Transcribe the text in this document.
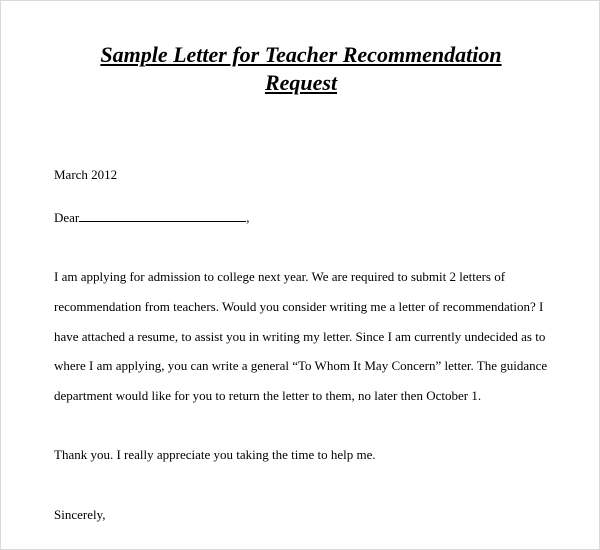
Sample Letter for Teacher Recommendation
Request
March 2012
Dear	,
I am applying for admission to college next year. We are required to submit 2 letters of
recommendation from teachers. Would you consider writing me a letter of recommendation? I
have attached a resume, to assist you in writing my letter. Since I am currently undecided as to
where I am applying, you can write a general “To Whom It May Concern” letter. The guidance
department would like for you to return the letter to them, no later then October 1.
Thank you. I really appreciate you taking the time to help me.
Sincerely,
